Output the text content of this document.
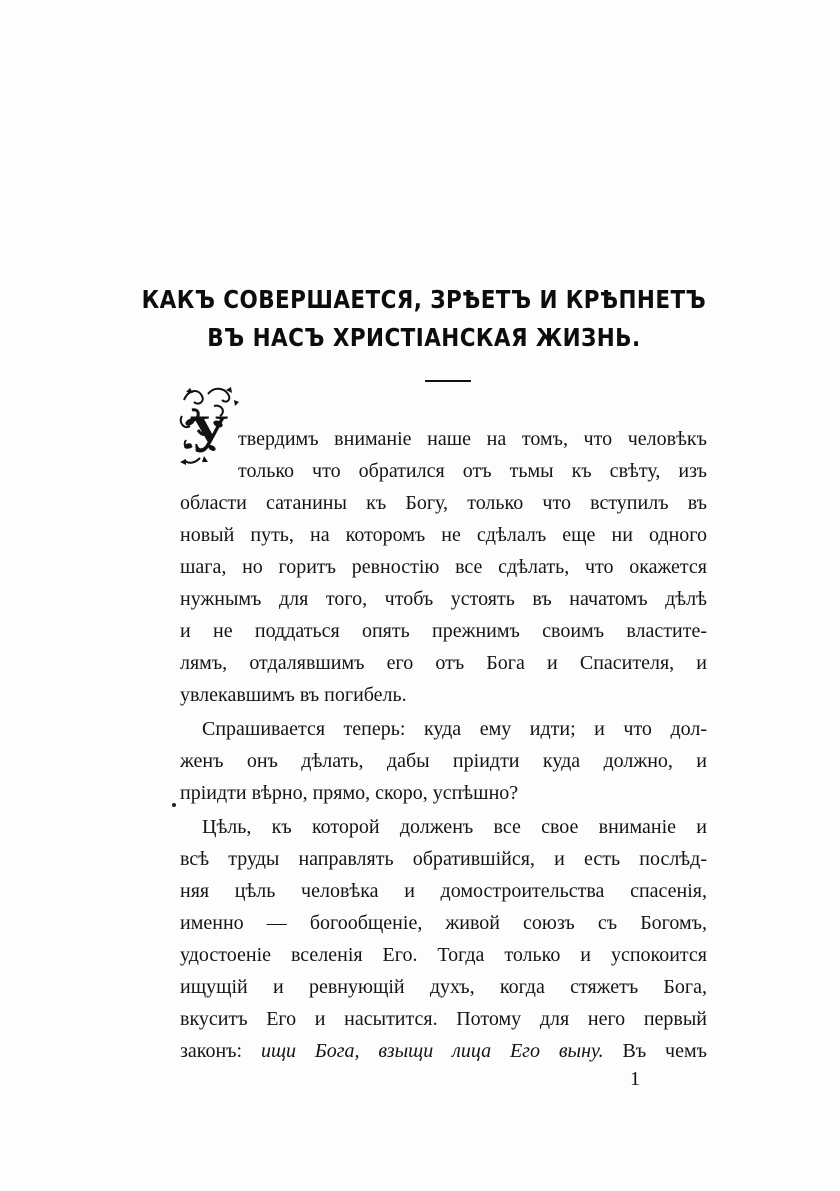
КАКЪ СОВЕРШАЕТСЯ, ЗРѢЕТЪ И КРѢПНЕТЪ
ВЪ НАСЪ ХРИСТІАНСКАЯ ЖИЗНЬ.
У твердимъ вниманіе наше на томъ, что человѣкъ
только что обратился отъ тьмы къ свѣту, изъ
области сатанины къ Богу, только что вступилъ въ
новый путь, на которомъ не сдѣлалъ еще ни одного
шага, но горитъ ревностію все сдѣлать, что окажется
нужнымъ для того, чтобъ устоять въ начатомъ дѣлѣ
и не поддаться опять прежнимъ своимъ властите-
лямъ, отдалявшимъ его отъ Бога и Спасителя, и
увлекавшимъ въ погибель.
Спрашивается теперь: куда ему идти; и что дол-
женъ онъ дѣлать, дабы пріидти куда должно, и
пріидти вѣрно, прямо, скоро, успѣшно?
Цѣль, къ которой долженъ все свое вниманіе и
всѣ труды направлять обратившійся, и есть послѣд-
няя цѣль человѣка и домостроительства спасенія,
именно — богообщеніе, живой союзъ съ Богомъ,
удостоеніе вселенія Его. Тогда только и успокоится
ищущій и ревнующій духъ, когда стяжетъ Бога,
вкуситъ Его и насытится. Потому для него первый
законъ: ищи Бога, взыщи лица Его выну. Въ чемъ
1
